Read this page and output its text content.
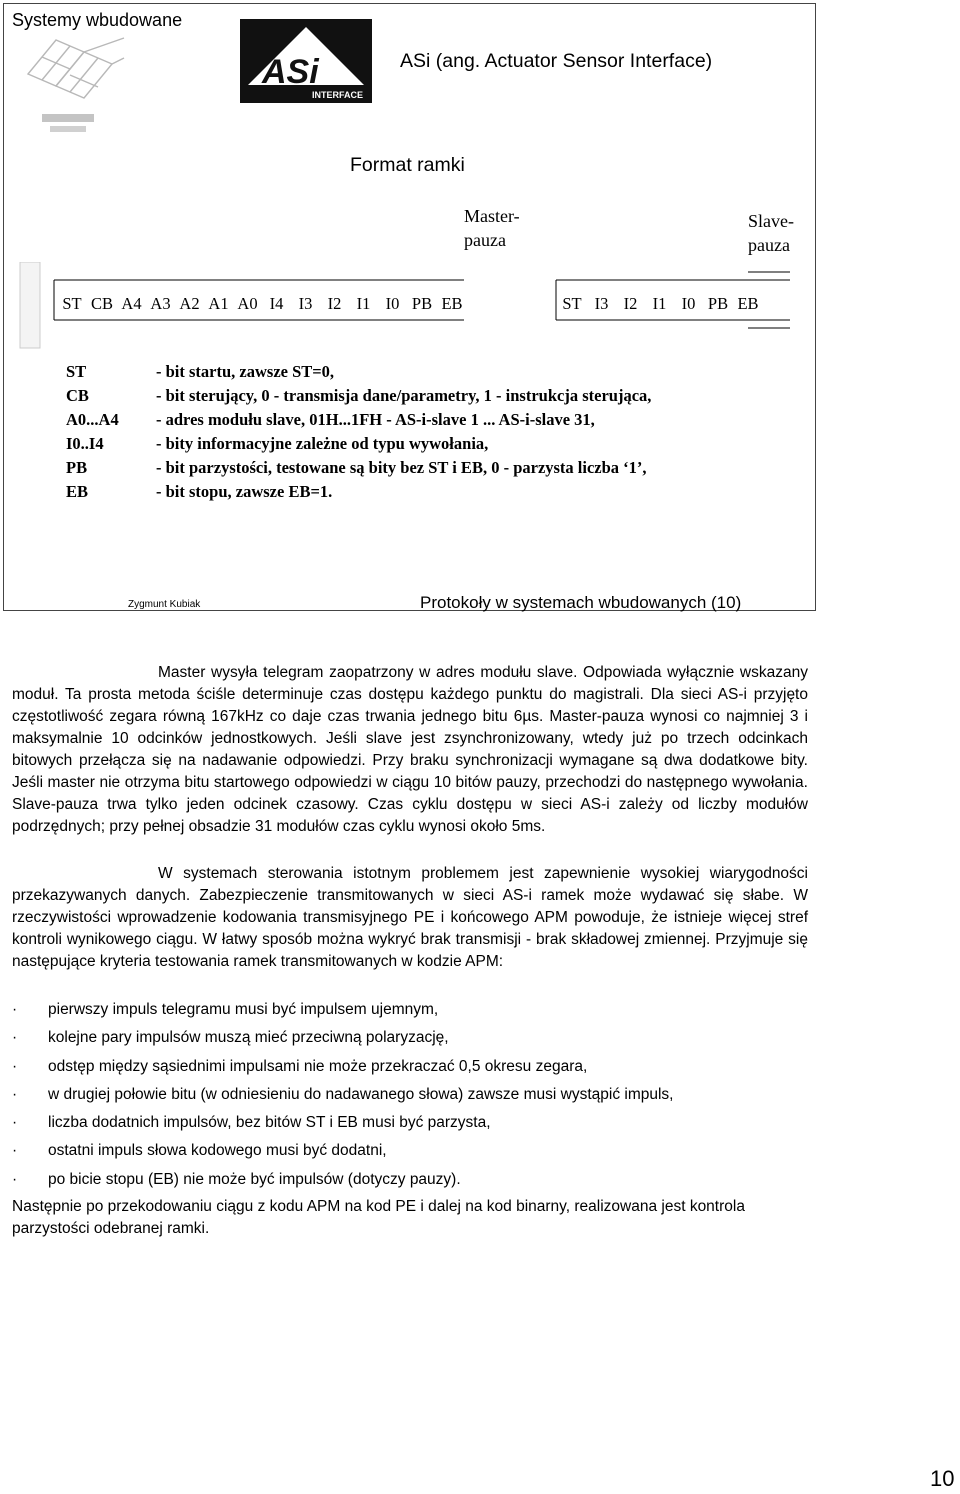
Systemy wbudowane
ASi
INTERFACE
ASi (ang. Actuator Sensor Interface)
Format ramki
Master-
pauza
Slave-
pauza
ST CB A4 A3 A2 A1 A0 I4 I3 I2 I1 I0 PB EB	ST I3 I2 I1 I0 PB EB
ST	- bit startu, zawsze ST=0,
CB	- bit sterujący, 0 - transmisja dane/parametry, 1 - instrukcja sterująca,
A0...A4	- adres modułu slave, 01H...1FH - AS-i-slave 1 ... AS-i-slave 31,
I0..I4	- bity informacyjne zależne od typu wywołania,
PB	- bit parzystości, testowane są bity bez ST i EB, 0 - parzysta liczba ‘1’,
EB	- bit stopu, zawsze EB=1.
Zygmunt Kubiak	Protokoły w systemach wbudowanych (10)
Master wysyła telegram zaopatrzony w adres modułu slave. Odpowiada wyłącznie wskazany moduł. Ta prosta metoda ściśle determinuje czas dostępu każdego punktu do magistrali. Dla sieci AS-i przyjęto częstotliwość zegara równą 167kHz co daje czas trwania jednego bitu 6µs. Master-pauza wynosi co najmniej 3 i maksymalnie 10 odcinków jednostkowych. Jeśli slave jest zsynchronizowany, wtedy już po trzech odcinkach bitowych przełącza się na nadawanie odpowiedzi. Przy braku synchronizacji wymagane są dwa dodatkowe bity. Jeśli master nie otrzyma bitu startowego odpowiedzi w ciągu 10 bitów pauzy, przechodzi do następnego wywołania. Slave-pauza trwa tylko jeden odcinek czasowy. Czas cyklu dostępu w sieci AS-i zależy od liczby modułów podrzędnych; przy pełnej obsadzie 31 modułów czas cyklu wynosi około 5ms.
W systemach sterowania istotnym problemem jest zapewnienie wysokiej wiarygodności przekazywanych danych. Zabezpieczenie transmitowanych w sieci AS-i ramek może wydawać się słabe. W rzeczywistości wprowadzenie kodowania transmisyjnego PE i końcowego APM powoduje, że istnieje więcej stref kontroli wynikowego ciągu. W łatwy sposób można wykryć brak transmisji - brak składowej zmiennej. Przyjmuje się następujące kryteria testowania ramek transmitowanych w kodzie APM:
· pierwszy impuls telegramu musi być impulsem ujemnym,
· kolejne pary impulsów muszą mieć przeciwną polaryzację,
· odstęp między sąsiednimi impulsami nie może przekraczać 0,5 okresu zegara,
· w drugiej połowie bitu (w odniesieniu do nadawanego słowa) zawsze musi wystąpić impuls,
· liczba dodatnich impulsów, bez bitów ST i EB musi być parzysta,
· ostatni impuls słowa kodowego musi być dodatni,
· po bicie stopu (EB) nie może być impulsów (dotyczy pauzy).
Następnie po przekodowaniu ciągu z kodu APM na kod PE i dalej na kod binarny, realizowana jest kontrola parzystości odebranej ramki.
10
